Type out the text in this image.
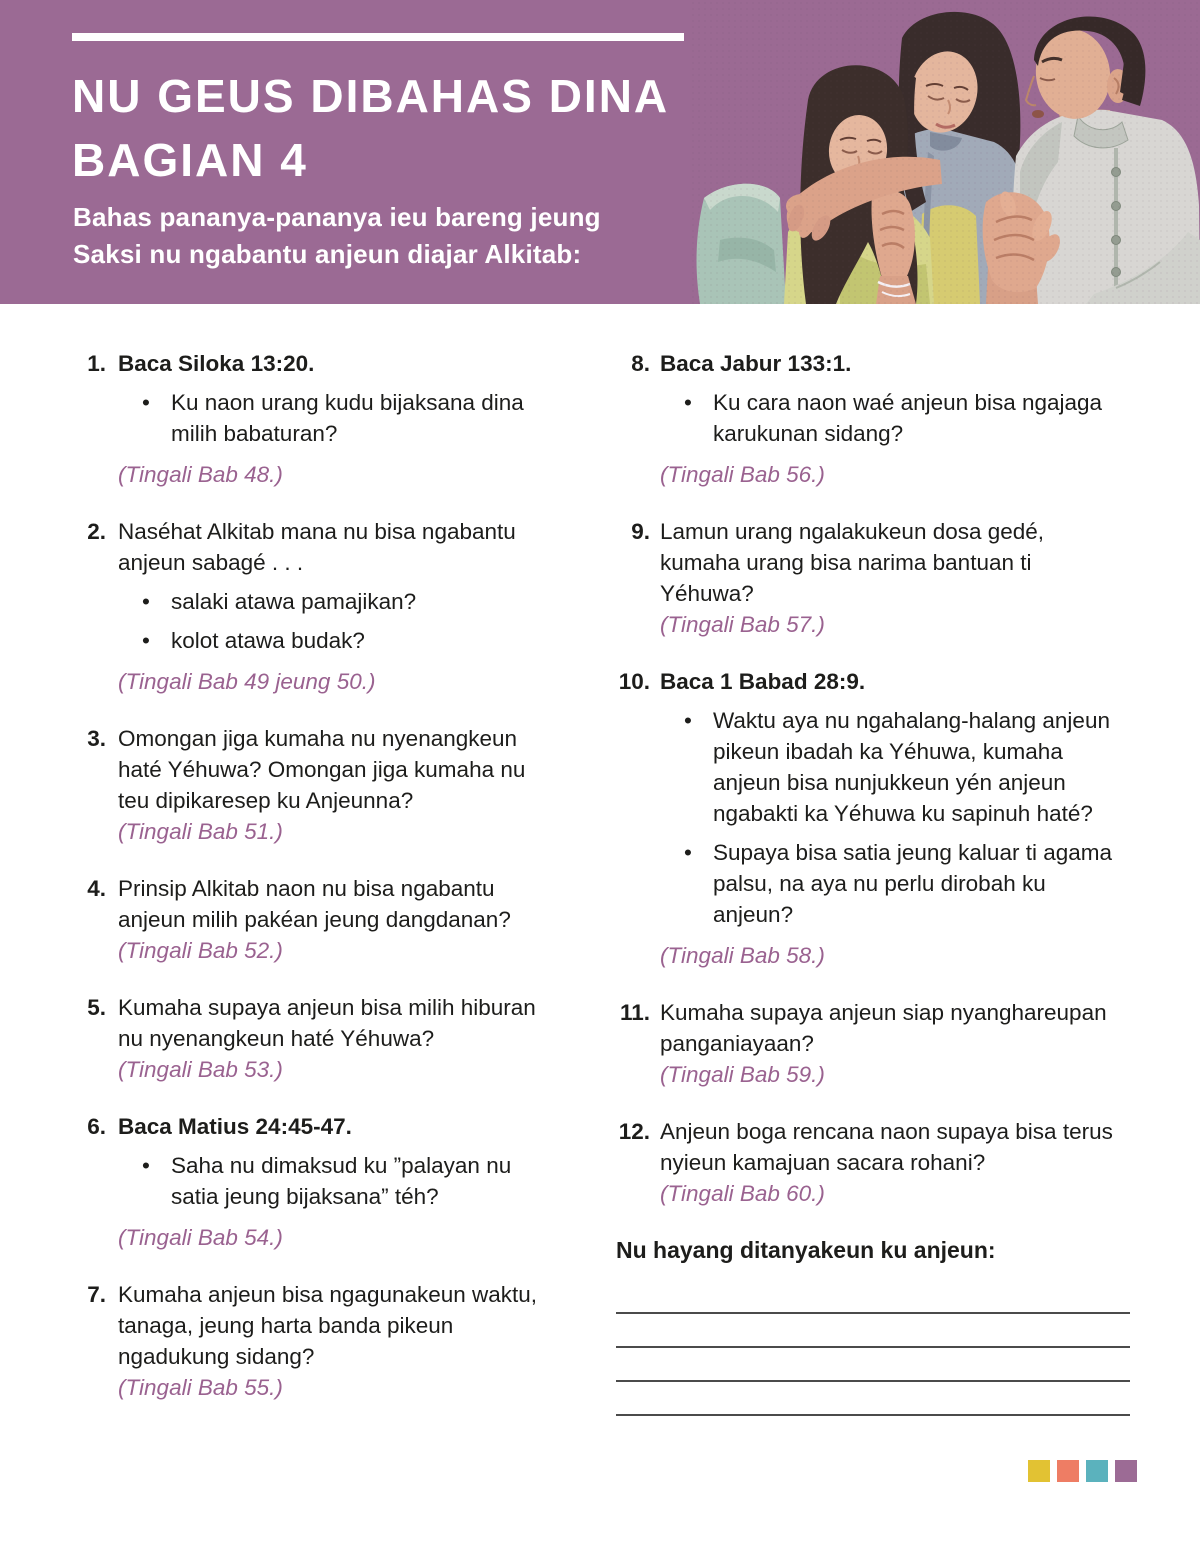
NU GEUS DIBAHAS DINA
BAGIAN 4
Bahas pananya-pananya ieu bareng jeung
Saksi nu ngabantu anjeun diajar Alkitab:
1. Baca Siloka 13:20.
• Ku naon urang kudu bijaksana dina milih babaturan?
(Tingali Bab 48.)
2. Naséhat Alkitab mana nu bisa ngabantu anjeun sabagé . . .
• salaki atawa pamajikan?
• kolot atawa budak?
(Tingali Bab 49 jeung 50.)
3. Omongan jiga kumaha nu nyenangkeun haté Yéhuwa? Omongan jiga kumaha nu teu dipikaresep ku Anjeunna?
(Tingali Bab 51.)
4. Prinsip Alkitab naon nu bisa ngabantu anjeun milih pakéan jeung dangdanan?
(Tingali Bab 52.)
5. Kumaha supaya anjeun bisa milih hiburan nu nyenangkeun haté Yéhuwa?
(Tingali Bab 53.)
6. Baca Matius 24:45-47.
• Saha nu dimaksud ku ”palayan nu satia jeung bijaksana” téh?
(Tingali Bab 54.)
7. Kumaha anjeun bisa ngagunakeun waktu, tanaga, jeung harta banda pikeun ngadukung sidang?
(Tingali Bab 55.)
8. Baca Jabur 133:1.
• Ku cara naon waé anjeun bisa ngajaga karukunan sidang?
(Tingali Bab 56.)
9. Lamun urang ngalakukeun dosa gedé, kumaha urang bisa narima bantuan ti Yéhuwa?
(Tingali Bab 57.)
10. Baca 1 Babad 28:9.
• Waktu aya nu ngahalang-halang anjeun pikeun ibadah ka Yéhuwa, kumaha anjeun bisa nunjukkeun yén anjeun ngabakti ka Yéhuwa ku sapinuh haté?
• Supaya bisa satia jeung kaluar ti agama palsu, na aya nu perlu dirobah ku anjeun?
(Tingali Bab 58.)
11. Kumaha supaya anjeun siap nyanghareupan panganiayaan?
(Tingali Bab 59.)
12. Anjeun boga rencana naon supaya bisa terus nyieun kamajuan sacara rohani?
(Tingali Bab 60.)
Nu hayang ditanyakeun ku anjeun:
